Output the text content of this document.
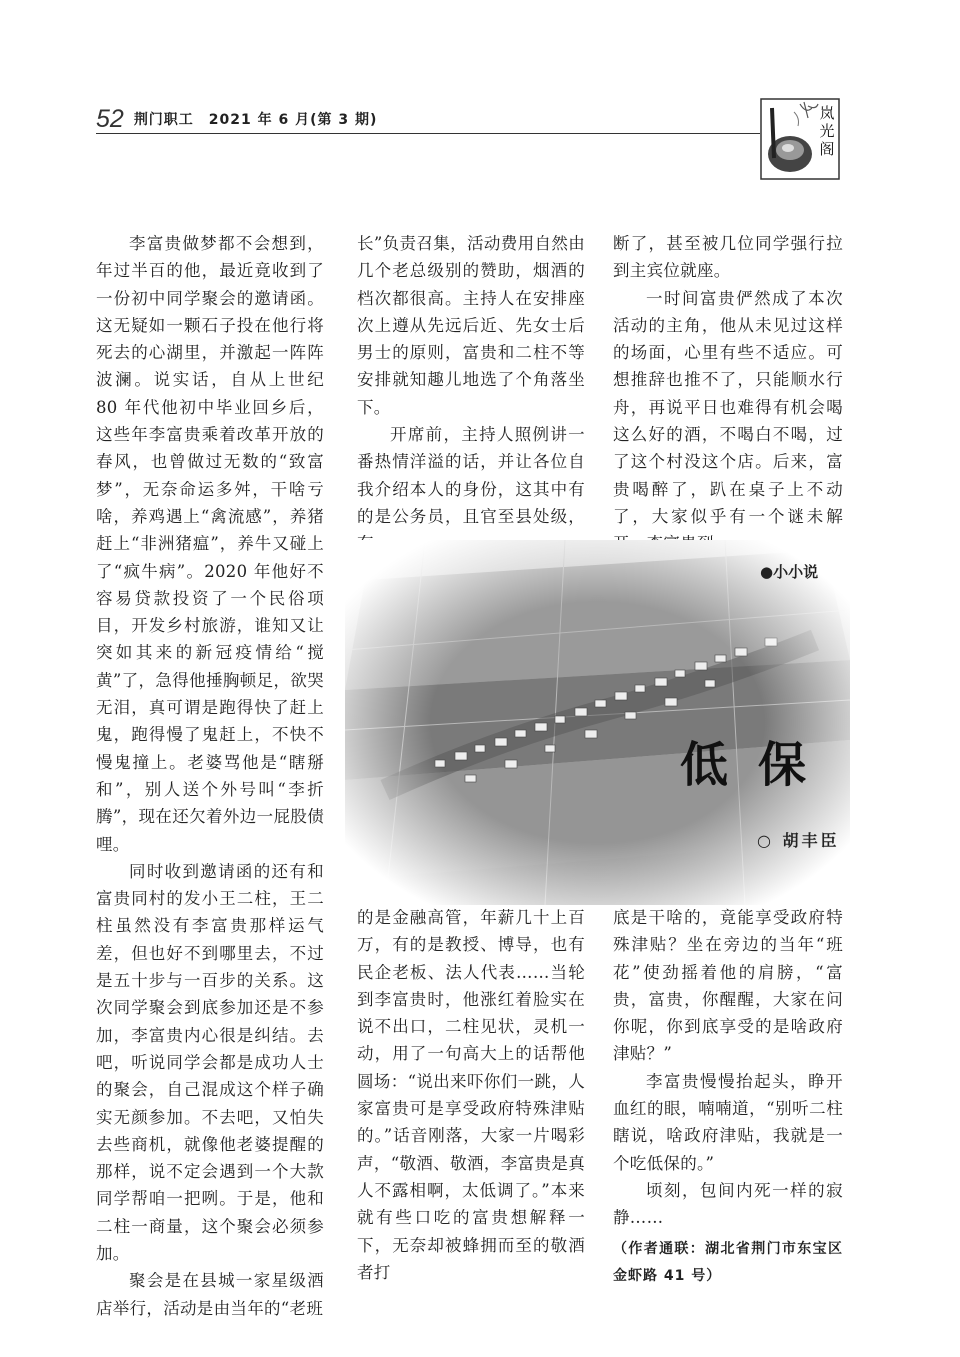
52 荆门职工　2021 年 6 月(第 3 期)	岚光阁

李富贵做梦都不会想到，年过半百的他，最近竟收到了一份初中同学聚会的邀请函。这无疑如一颗石子投在他行将死去的心湖里，并激起一阵阵波澜。说实话，自从上世纪 80 年代他初中毕业回乡后，这些年李富贵乘着改革开放的春风，也曾做过无数的“致富梦”，无奈命运多舛，干啥亏啥，养鸡遇上“禽流感”，养猪赶上“非洲猪瘟”，养牛又碰上了“疯牛病”。2020 年他好不容易贷款投资了一个民俗项目，开发乡村旅游，谁知又让突如其来的新冠疫情给“搅黄”了，急得他捶胸顿足，欲哭无泪，真可谓是跑得快了赶上鬼，跑得慢了鬼赶上，不快不慢鬼撞上。老婆骂他是“瞎掰和”，别人送个外号叫“李折腾”，现在还欠着外边一屁股债哩。

同时收到邀请函的还有和富贵同村的发小王二柱，王二柱虽然没有李富贵那样运气差，但也好不到哪里去，不过是五十步与一百步的关系。这次同学聚会到底参加还是不参加，李富贵内心很是纠结。去吧，听说同学会都是成功人士的聚会，自己混成这个样子确实无颜参加。不去吧，又怕失去些商机，就像他老婆提醒的那样，说不定会遇到一个大款同学帮咱一把咧。于是，他和二柱一商量，这个聚会必须参加。

聚会是在县城一家星级酒店举行，活动是由当年的“老班

长”负责召集，活动费用自然由几个老总级别的赞助，烟酒的档次都很高。主持人在安排座次上遵从先远后近、先女士后男士的原则，富贵和二柱不等安排就知趣儿地选了个角落坐下。

开席前，主持人照例讲一番热情洋溢的话，并让各位自我介绍本人的身份，这其中有的是公务员，且官至县处级，

断了，甚至被几位同学强行拉到主宾位就座。

一时间富贵俨然成了本次活动的主角，他从未见过这样的场面，心里有些不适应。可想推辞也推不了，只能顺水行舟，再说平日也难得有机会喝这么好的酒，不喝白不喝，过了这个村没这个店。后来，富贵喝醉了，趴在桌子上不动了，大家似乎有一个谜未解

●小小说
低保
○ 胡丰臣

的是金融高管，年薪几十上百万，有的是教授、博导，也有民企老板、法人代表……当轮到李富贵时，他涨红着脸实在说不出口，二柱见状，灵机一动，用了一句高大上的话帮他圆场：“说出来吓你们一跳，人家富贵可是享受政府特殊津贴的。”话音刚落，大家一片喝彩声，“敬酒、敬酒，李富贵是真人不露相啊，太低调了。”本来就有些口吃的富贵想解释一下，无奈却被蜂拥而至的敬酒者打

底是干啥的，竟能享受政府特殊津贴？坐在旁边的当年“班花”使劲摇着他的肩膀，“富贵，富贵，你醒醒，大家在问你呢，你到底享受的是啥政府津贴？”

李富贵慢慢抬起头，睁开血红的眼，喃喃道，“别听二柱瞎说，啥政府津贴，我就是一个吃低保的。”

顷刻，包间内死一样的寂静……

（作者通联：湖北省荆门市东宝区金虾路 41 号）
